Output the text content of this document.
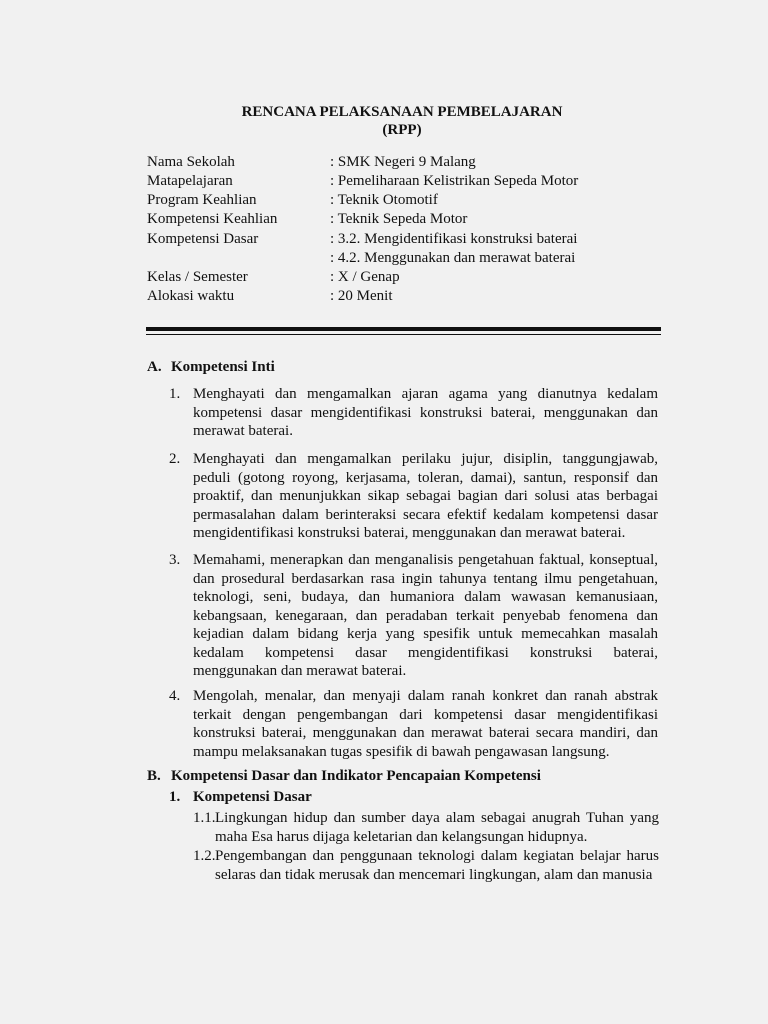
RENCANA PELAKSANAAN PEMBELAJARAN
(RPP)
Nama Sekolah	: SMK Negeri 9 Malang
Matapelajaran	: Pemeliharaan Kelistrikan Sepeda Motor
Program Keahlian	: Teknik Otomotif
Kompetensi Keahlian	: Teknik Sepeda Motor
Kompetensi Dasar	: 3.2. Mengidentifikasi konstruksi baterai
: 4.2. Menggunakan dan merawat baterai
Kelas / Semester	: X / Genap
Alokasi waktu	: 20 Menit
A. Kompetensi Inti
1. Menghayati dan mengamalkan ajaran agama yang dianutnya kedalam kompetensi dasar mengidentifikasi konstruksi baterai, menggunakan dan merawat baterai.
2. Menghayati dan mengamalkan perilaku jujur, disiplin, tanggungjawab, peduli (gotong royong, kerjasama, toleran, damai), santun, responsif dan proaktif, dan menunjukkan sikap sebagai bagian dari solusi atas berbagai permasalahan dalam berinteraksi secara efektif kedalam kompetensi dasar mengidentifikasi konstruksi baterai, menggunakan dan merawat baterai.
3. Memahami, menerapkan dan menganalisis pengetahuan faktual, konseptual, dan prosedural berdasarkan rasa ingin tahunya tentang ilmu pengetahuan, teknologi, seni, budaya, dan humaniora dalam wawasan kemanusiaan, kebangsaan, kenegaraan, dan peradaban terkait penyebab fenomena dan kejadian dalam bidang kerja yang spesifik untuk memecahkan masalah kedalam kompetensi dasar mengidentifikasi konstruksi baterai, menggunakan dan merawat baterai.
4. Mengolah, menalar, dan menyaji dalam ranah konkret dan ranah abstrak terkait dengan pengembangan dari kompetensi dasar mengidentifikasi konstruksi baterai, menggunakan dan merawat baterai secara mandiri, dan mampu melaksanakan tugas spesifik di bawah pengawasan langsung.
B. Kompetensi Dasar dan Indikator Pencapaian Kompetensi
1. Kompetensi Dasar
1.1. Lingkungan hidup dan sumber daya alam sebagai anugrah Tuhan yang maha Esa harus dijaga keletarian dan kelangsungan hidupnya.
1.2. Pengembangan dan penggunaan teknologi dalam kegiatan belajar harus selaras dan tidak merusak dan mencemari lingkungan, alam dan manusia
